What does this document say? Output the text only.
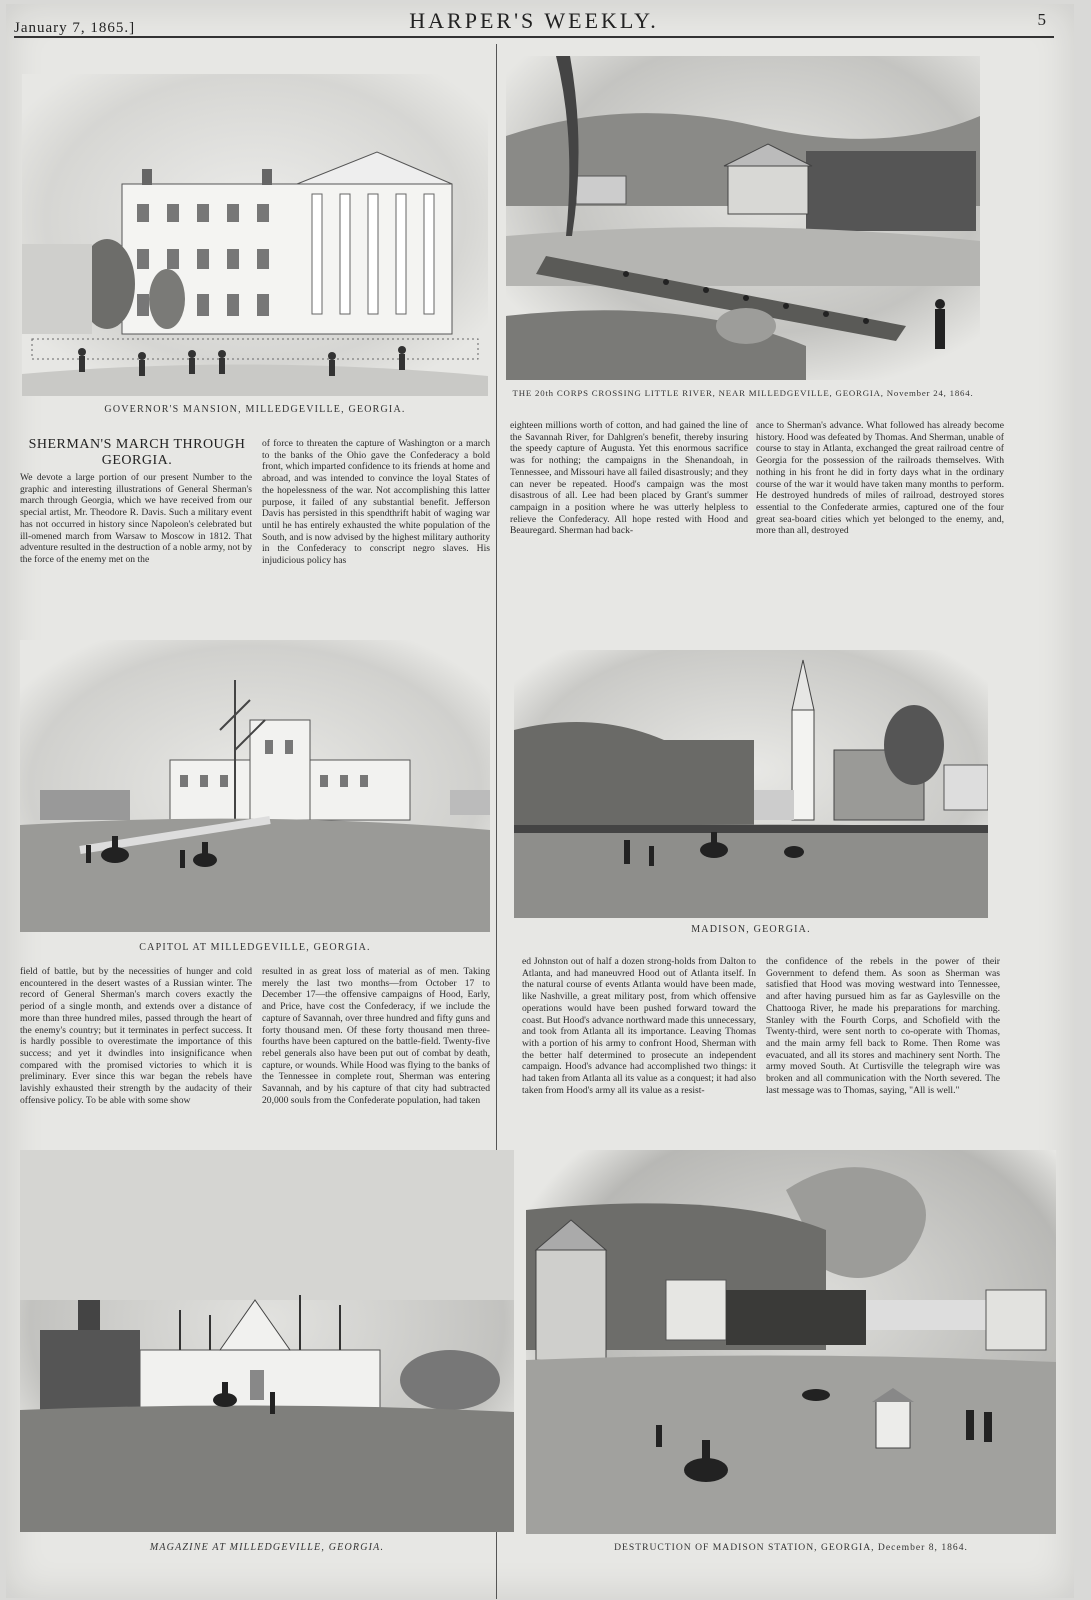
January 7, 1865.]	HARPER'S WEEKLY.	5
GOVERNOR'S MANSION, MILLEDGEVILLE, GEORGIA.
THE 20th CORPS CROSSING LITTLE RIVER, NEAR MILLEDGEVILLE, GEORGIA, November 24, 1864.
SHERMAN'S MARCH THROUGH
GEORGIA.
We devote a large portion of our present Number to the graphic and interesting illustrations of General Sherman's march through Georgia, which we have received from our special artist, Mr. Theodore R. Davis. Such a military event has not occurred in history since Napoleon's celebrated but ill-omened march from Warsaw to Moscow in 1812. That adventure resulted in the destruction of a noble army, not by the force of the enemy met on the
of force to threaten the capture of Washington or a march to the banks of the Ohio gave the Confederacy a bold front, which imparted confidence to its friends at home and abroad, and was intended to convince the loyal States of the hopelessness of the war. Not accomplishing this latter purpose, it failed of any substantial benefit. Jefferson Davis has persisted in this spendthrift habit of waging war until he has entirely exhausted the white population of the South, and is now advised by the highest military authority in the Confederacy to conscript negro slaves. His injudicious policy has
eighteen millions worth of cotton, and had gained the line of the Savannah River, for Dahlgren's benefit, thereby insuring the speedy capture of Augusta. Yet this enormous sacrifice was for nothing; the campaigns in the Shenandoah, in Tennessee, and Missouri have all failed disastrously; and they can never be repeated. Hood's campaign was the most disastrous of all. Lee had been placed by Grant's summer campaign in a position where he was utterly helpless to relieve the Confederacy. All hope rested with Hood and Beauregard. Sherman had back-
ance to Sherman's advance. What followed has already become history. Hood was defeated by Thomas. And Sherman, unable of course to stay in Atlanta, exchanged the great railroad centre of Georgia for the possession of the railroads themselves. With nothing in his front he did in forty days what in the ordinary course of the war it would have taken many months to perform. He destroyed hundreds of miles of railroad, destroyed stores essential to the Confederate armies, captured one of the four great sea-board cities which yet belonged to the enemy, and, more than all, destroyed
CAPITOL AT MILLEDGEVILLE, GEORGIA.
MADISON, GEORGIA.
field of battle, but by the necessities of hunger and cold encountered in the desert wastes of a Russian winter. The record of General Sherman's march covers exactly the period of a single month, and extends over a distance of more than three hundred miles, passed through the heart of the enemy's country; but it terminates in perfect success. It is hardly possible to overestimate the importance of this success; and yet it dwindles into insignificance when compared with the promised victories to which it is preliminary. Ever since this war began the rebels have lavishly exhausted their strength by the audacity of their offensive policy. To be able with some show
resulted in as great loss of material as of men. Taking merely the last two months—from October 17 to December 17—the offensive campaigns of Hood, Early, and Price, have cost the Confederacy, if we include the capture of Savannah, over three hundred and fifty guns and forty thousand men. Of these forty thousand men three-fourths have been captured on the battle-field. Twenty-five rebel generals also have been put out of combat by death, capture, or wounds. While Hood was flying to the banks of the Tennessee in complete rout, Sherman was entering Savannah, and by his capture of that city had subtracted 20,000 souls from the Confederate population, had taken
ed Johnston out of half a dozen strong-holds from Dalton to Atlanta, and had maneuvred Hood out of Atlanta itself. In the natural course of events Atlanta would have been made, like Nashville, a great military post, from which offensive operations would have been pushed forward toward the coast. But Hood's advance northward made this unnecessary, and took from Atlanta all its importance. Leaving Thomas with a portion of his army to confront Hood, Sherman with the better half determined to prosecute an independent campaign. Hood's advance had accomplished two things: it had taken from Atlanta all its value as a conquest; it had also taken from Hood's army all its value as a resist-
the confidence of the rebels in the power of their Government to defend them. As soon as Sherman was satisfied that Hood was moving westward into Tennessee, and after having pursued him as far as Gaylesville on the Chattooga River, he made his preparations for marching. Stanley with the Fourth Corps, and Schofield with the Twenty-third, were sent north to co-operate with Thomas, and the main army fell back to Rome. Then Rome was evacuated, and all its stores and machinery sent North. The army moved South. At Curtisville the telegraph wire was broken and all communication with the North severed. The last message was to Thomas, saying, "All is well."
MAGAZINE AT MILLEDGEVILLE, GEORGIA.	DESTRUCTION OF MADISON STATION, GEORGIA, December 8, 1864.
